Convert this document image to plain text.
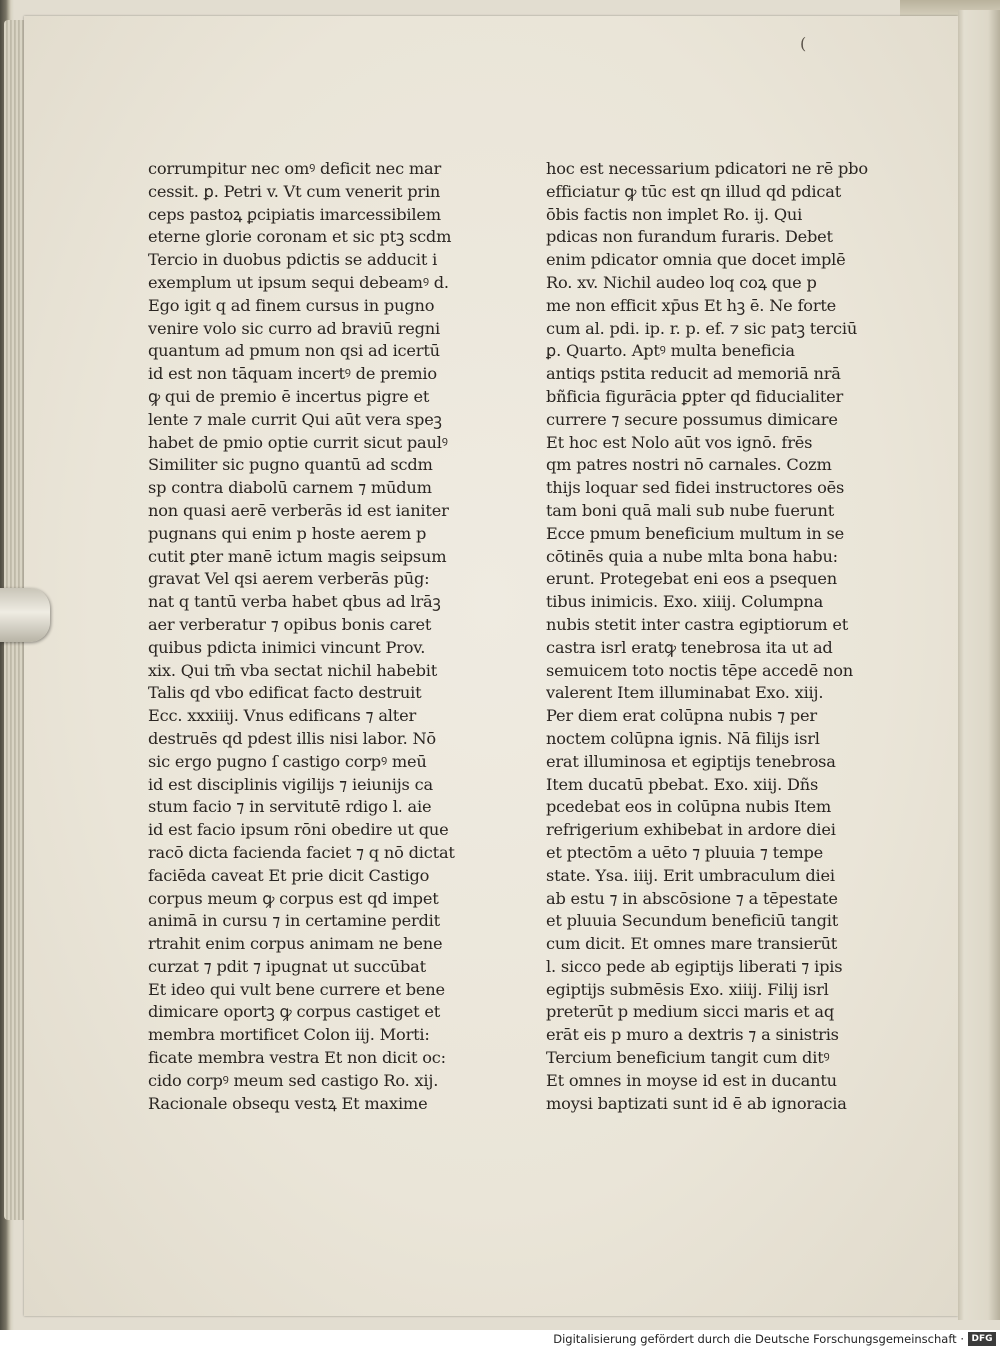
(
corrumpitur nec omꝰ deficit nec mar
cessit. ꝑ. Petri v. Vt cum venerit prin
ceps pastoꝝ ꝑcipiatis imarcessibilem
eterne glorie coronam et sic ptꝫ scdm
Tercio in duobus pdictis se adducit i
exemplum ut ipsum sequi debeamꝰ d.
Ego igit q ad finem cursus in pugno
venire volo sic curro ad braviū regni
quantum ad pmum non qsi ad icertū
id est non tāquam incertꝰ de premio
ꝙ qui de premio ē incertus pigre et
lente ⁊ male currit Qui aūt vera speꝫ
habet de pmio optie currit sicut paulꝰ
Similiter sic pugno quantū ad scdm
sp contra diabolū carnem ⁊ mūdum
non quasi aerē verberās id est ianiter
pugnans qui enim p hoste aerem p
cutit ꝑter manē ictum magis seipsum
gravat Vel qsi aerem verberās pūg:
nat q tantū verba habet qbus ad lrāꝫ
aer verberatur ⁊ opibus bonis caret
quibus pdicta inimici vincunt Prov.
xix. Qui tm̄ vba sectat nichil habebit
Talis qd vbo edificat facto destruit
Ecc. xxxiiij. Vnus edificans ⁊ alter
destruēs qd pdest illis nisi labor. Nō
sic ergo pugno ſ castigo corpꝰ meū
id est disciplinis vigilijs ⁊ ieiunijs ca
stum facio ⁊ in servitutē rdigo l. aie
id est facio ipsum rōni obedire ut que
racō dicta facienda faciet ⁊ q nō dictat
faciēda caveat Et prie dicit Castigo
corpus meum ꝙ corpus est qd impet
animā in cursu ⁊ in certamine perdit
rtrahit enim corpus animam ne bene
curzat ⁊ pdit ⁊ ipugnat ut succūbat
Et ideo qui vult bene currere et bene
dimicare oportꝫ ꝙ corpus castiget et
membra mortificet Colon iij. Morti:
ficate membra vestra Et non dicit oc:
cido corpꝰ meum sed castigo Ro. xij.
Racionale obsequ vestꝝ Et maxime
hoc est necessarium pdicatori ne rē pbo
efficiatur ꝙ tūc est qn illud qd pdicat
ōbis factis non implet Ro. ij. Qui
pdicas non furandum furaris. Debet
enim pdicator omnia que docet implē
Ro. xv. Nichil audeo loq coꝝ que p
me non efficit xp̄us Et hꝫ ē. Ne forte
cum al. pdi. ip. r. p. ef. ⁊ sic patꝫ terciū
ꝑ. Quarto. Aptꝰ multa beneficia
antiqs pstita reducit ad memoriā nrā
bñficia figurācia ꝑpter qd fiducialiter
currere ⁊ secure possumus dimicare
Et hoc est Nolo aūt vos ignō. frēs
qm patres nostri nō carnales. Cozm
thijs loquar sed fidei instructores oēs
tam boni quā mali sub nube fuerunt
Ecce pmum beneficium multum in se
cōtinēs quia a nube mlta bona habu:
erunt. Protegebat eni eos a psequen
tibus inimicis. Exo. xiiij. Columpna
nubis stetit inter castra egiptiorum et
castra isrl eratꝙ tenebrosa ita ut ad
semuicem toto noctis tēpe accedē non
valerent Item illuminabat Exo. xiij.
Per diem erat colūpna nubis ⁊ per
noctem colūpna ignis. Nā filijs isrl
erat illuminosa et egiptijs tenebrosa
Item ducatū pbebat. Exo. xiij. Dñs
pcedebat eos in colūpna nubis Item
refrigerium exhibebat in ardore diei
et ptectōm a uēto ⁊ pluuia ⁊ tempe
state. Ysa. iiij. Erit umbraculum diei
ab estu ⁊ in abscōsione ⁊ a tēpestate
et pluuia Secundum beneficiū tangit
cum dicit. Et omnes mare transierūt
l. sicco pede ab egiptijs liberati ⁊ ipis
egiptijs submēsis Exo. xiiij. Filij isrl
preterūt p medium sicci maris et aq
erāt eis p muro a dextris ⁊ a sinistris
Tercium beneficium tangit cum ditꝰ
Et omnes in moyse id est in ducantu
moysi baptizati sunt id ē ab ignoracia
Digitalisierung gefördert durch die Deutsche Forschungsgemeinschaft · DFG
